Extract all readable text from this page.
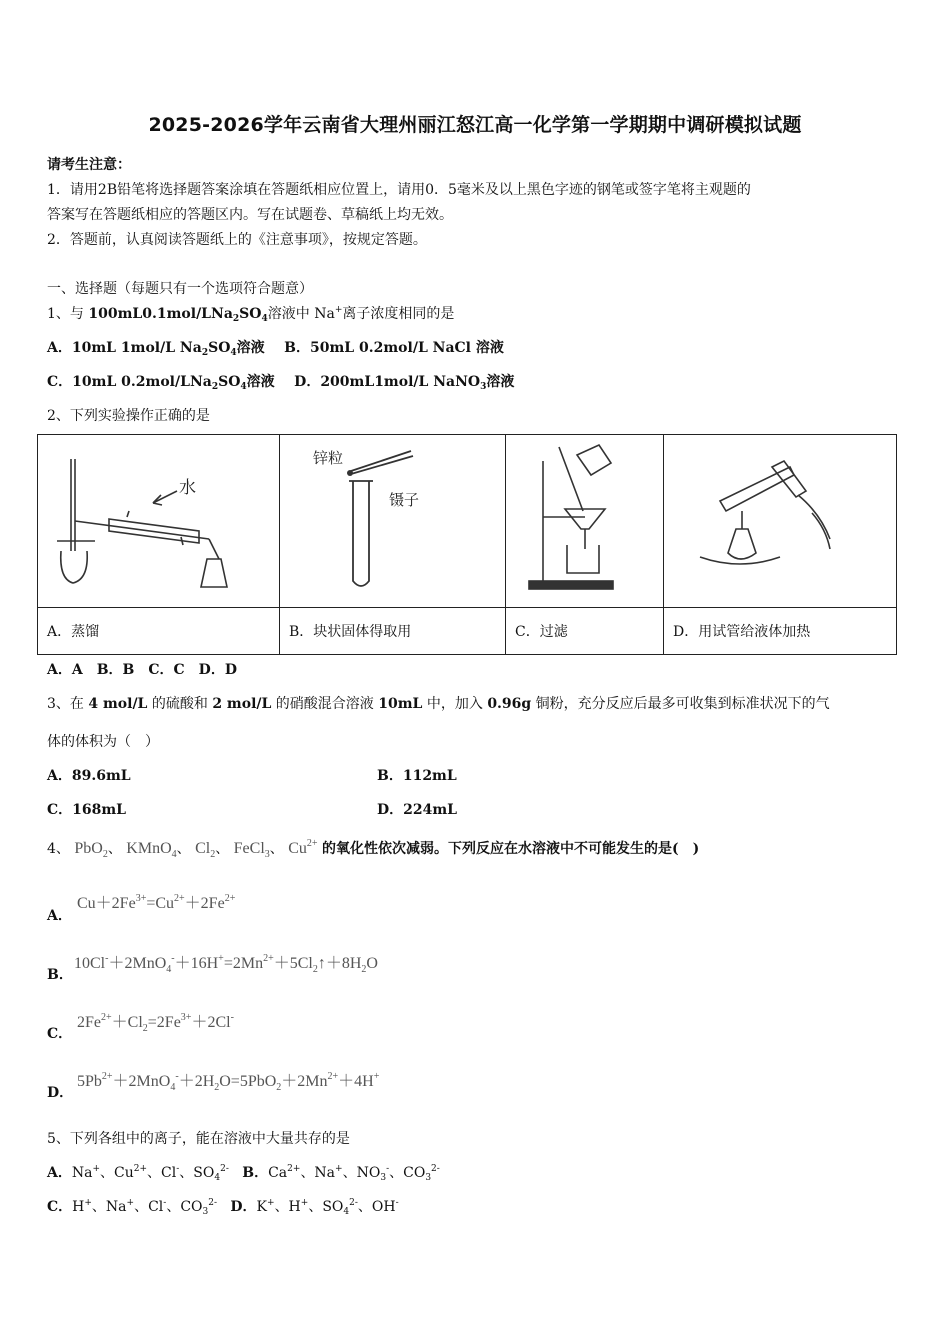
2025-2026学年云南省大理州丽江怒江高一化学第一学期期中调研模拟试题
请考生注意：
1．请用2B铅笔将选择题答案涂填在答题纸相应位置上，请用0．5毫米及以上黑色字迹的钢笔或签字笔将主观题的
答案写在答题纸相应的答题区内。写在试题卷、草稿纸上均无效。
2．答题前，认真阅读答题纸上的《注意事项》，按规定答题。
一、选择题（每题只有一个选项符合题意）
1、与 $100mL0.1mol/LNa_2SO_4$溶液中 Na+离子浓度相同的是
A．10mL 1mol/L $Na_2SO_4$溶液 B．50mL 0.2mol/L NaCl 溶液
C．10mL $0.2mol/LNa_2SO_4$溶液 D．200mL1mol/L NaNO$_3$溶液
2、下列实验操作正确的是
水	锌粒
镊子

A．蒸馏	B．块状固体得取用	C．过滤	D．用试管给液体加热
A．A　B．B　C．C　D．D
3、在 4 mol/L 的硫酸和 2 mol/L 的硝酸混合溶液 10mL 中，加入 0.96g 铜粉，充分反应后最多可收集到标准状况下的气
体的体积为（　）
A．89.6mL	B．112mL
C．168mL	D．224mL
4、 PbO$_2$、 KMnO$_4$、 $Cl_2$、 FeCl$_3$、 $Cu^{2+}$ 的氧化性依次减弱。下列反应在水溶液中不可能发生的是(　)
A．
$Cu+2Fe^{3+}=Cu^{2+}+2Fe^{2+}$
B．
$10Cl^-+2MnO_4^-+16H^+=2Mn^{2+}+5Cl_2↑+8H_2O$
C．
$2Fe^{2+}+Cl_2=2Fe^{3+}+2Cl^-$
D．
$5Pb^{2+}+2MnO_4^-+2H_2O=5PbO_2+2Mn^{2+}+4H^+$
5、下列各组中的离子，能在溶液中大量共存的是
A．Na+、$Cu^{2+}$、Cl-、$SO_4^{2-}$ B．$Ca^{2+}$、Na+、$NO_3^-$、$CO_3^{2-}$
C．H+、Na+、Cl-、$CO_3^{2-}$ D．K+、H+、$SO_4^{2-}$、OH-
